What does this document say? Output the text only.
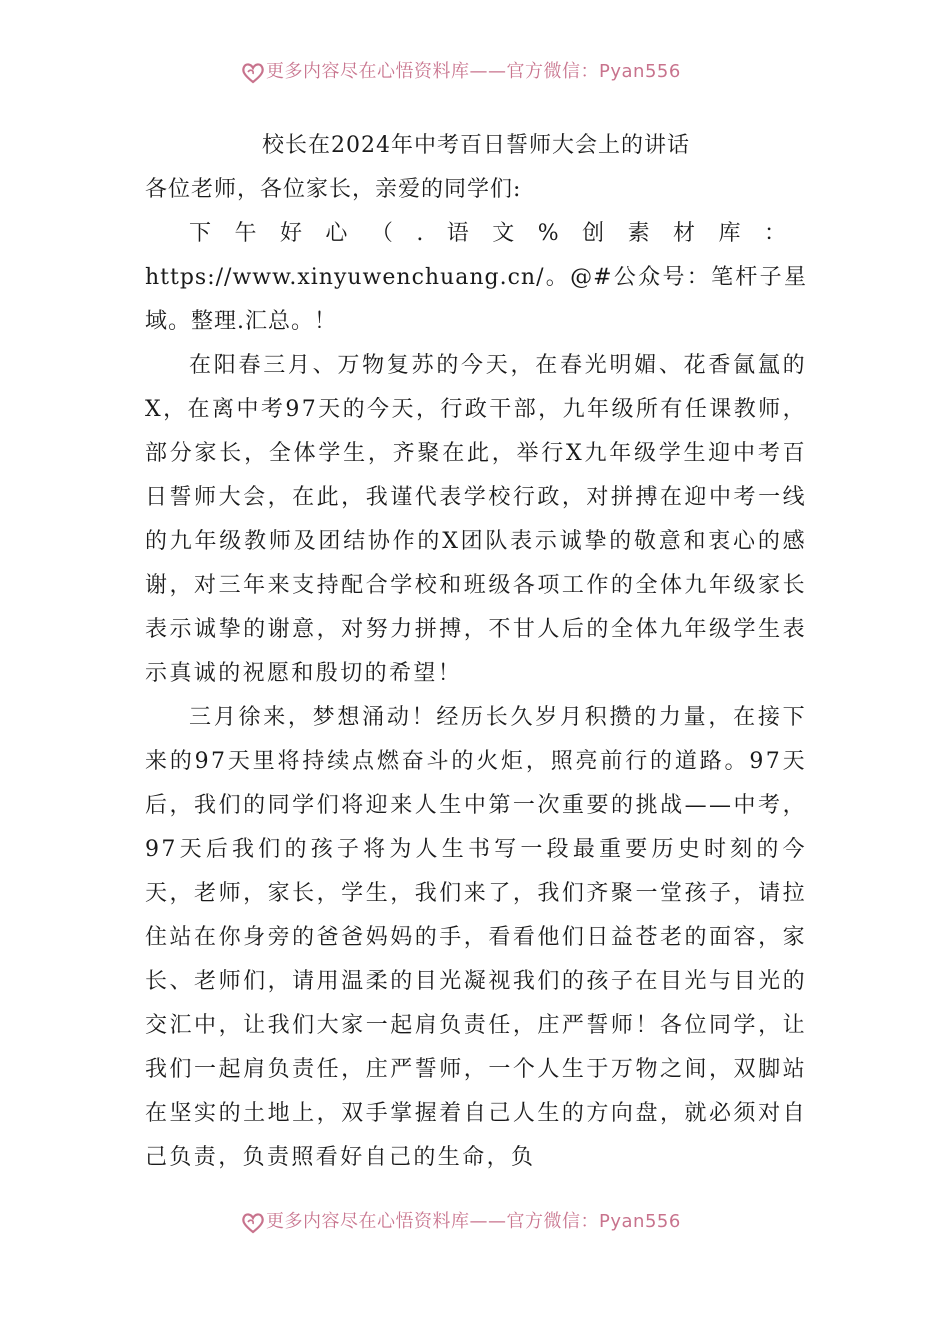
更多内容尽在心悟资料库——官方微信：Pyan556
校长在2024年中考百日誓师大会上的讲话

各位老师，各位家长，亲爱的同学们:

下午好心（.语文%创素材库：https://www.xinyuwenchuang.cn/。@#公众号：笔杆子星域。整理.汇总。！

在阳春三月、万物复苏的今天，在春光明媚、花香氤氲的X，在离中考97天的今天，行政干部，九年级所有任课教师，部分家长，全体学生，齐聚在此，举行X九年级学生迎中考百日誓师大会，在此，我谨代表学校行政，对拼搏在迎中考一线的九年级教师及团结协作的X团队表示诚挚的敬意和衷心的感谢，对三年来支持配合学校和班级各项工作的全体九年级家长表示诚挚的谢意，对努力拼搏，不甘人后的全体九年级学生表示真诚的祝愿和殷切的希望！

三月徐来，梦想涌动！经历长久岁月积攒的力量，在接下来的97天里将持续点燃奋斗的火炬，照亮前行的道路。97天后，我们的同学们将迎来人生中第一次重要的挑战——中考，97天后我们的孩子将为人生书写一段最重要历史时刻的今天，老师，家长，学生，我们来了，我们齐聚一堂孩子，请拉住站在你身旁的爸爸妈妈的手，看看他们日益苍老的面容，家长、老师们，请用温柔的目光凝视我们的孩子在目光与目光的交汇中，让我们大家一起肩负责任，庄严誓师！各位同学，让我们一起肩负责任，庄严誓师，一个人生于万物之间，双脚站在坚实的土地上，双手掌握着自己人生的方向盘，就必须对自己负责，负责照看好自己的生命，负

更多内容尽在心悟资料库——官方微信：Pyan556
